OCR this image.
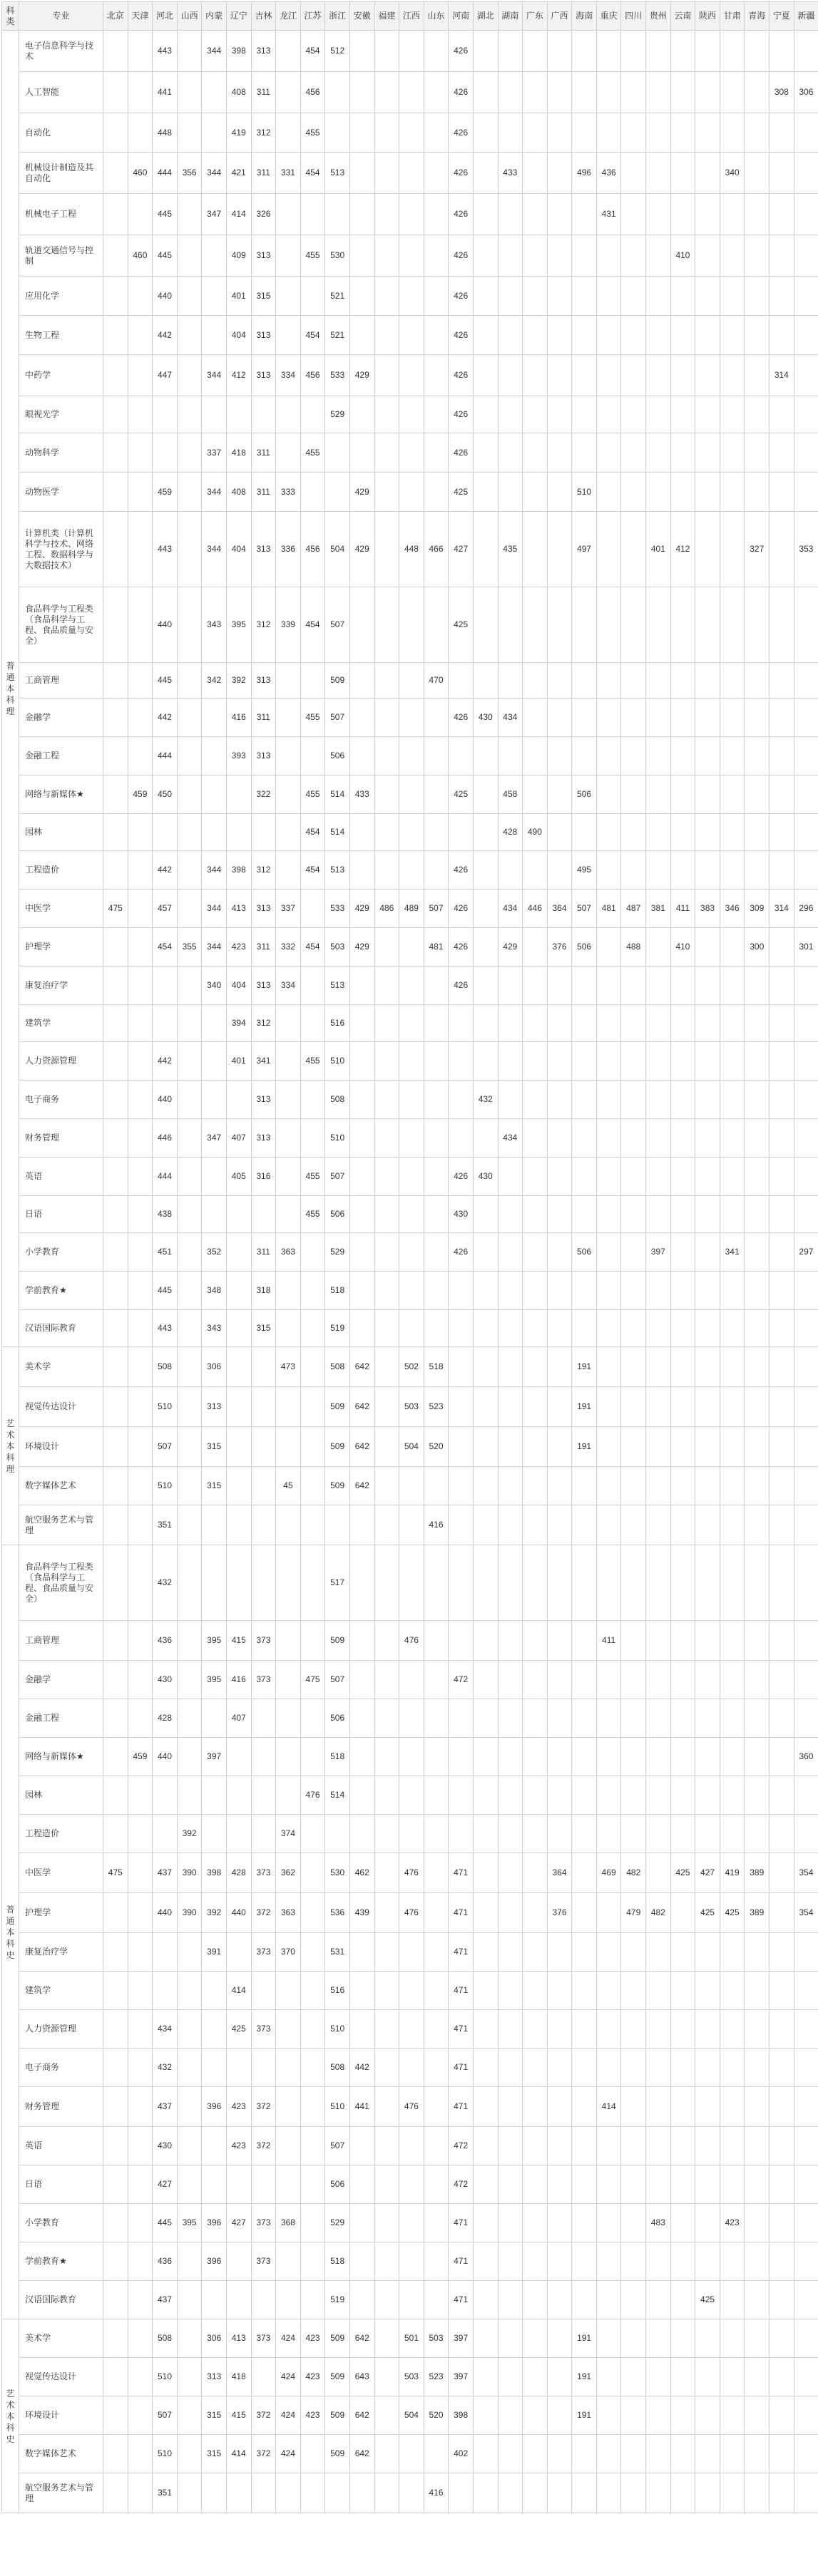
科类	专业	北京	天津	河北	山西	内蒙	辽宁	吉林	龙江	江苏	浙江	安徽	福建	江西	山东	河南	湖北	湖南	广东	广西	海南	重庆	四川	贵州	云南	陕西	甘肃	青海	宁夏	新疆
普通本科理	电子信息科学与技术			443		344	398	313		454	512					426														
	人工智能			441			408	311		456						426													308	306
	自动化			448			419	312		455						426														
	机械设计制造及其自动化		460	444	356	344	421	311	331	454	513					426		433			496	436					340			
	机械电子工程			445		347	414	326								426						431								
	轨道交通信号与控制		460	445			409	313		455	530					426									410					
	应用化学			440			401	315			521					426														
	生物工程			442			404	313		454	521					426														
	中药学			447		344	412	313	334	456	533	429				426													314	
	眼视光学										529					426														
	动物科学					337	418	311		455						426														
	动物医学			459		344	408	311	333			429				425					510									
	计算机类（计算机科学与技术、网络工程、数据科学与大数据技术）			443		344	404	313	336	456	504	429		448	466	427		435			497			401	412			327		353
	食品科学与工程类（食品科学与工程、食品质量与安全）			440		343	395	312	339	454	507					425														
	工商管理			445		342	392	313			509				470															
	金融学			442			416	311		455	507					426	430	434												
	金融工程			444			393	313			506																			
	网络与新媒体★		459	450				322		455	514	433				425		458			506									
	园林									454	514							428	490											
	工程造价			442		344	398	312		454	513					426					495									
	中医学	475		457		344	413	313	337		533	429	486	489	507	426		434	446	364	507	481	487	381	411	383	346	309	314	296
	护理学			454	355	344	423	311	332	454	503	429			481	426		429		376	506		488		410			300		301
	康复治疗学					340	404	313	334		513					426														
	建筑学						394	312			516																			
	人力资源管理			442			401	341		455	510																			
	电子商务			440				313			508						432													
	财务管理			446		347	407	313			510							434												
	英语			444			405	316		455	507					426	430													
	日语			438						455	506					430														
	小学教育			451		352		311	363		529					426					506			397			341			297
	学前教育★			445		348		318			518																			
	汉语国际教育			443		343		315			519																			
艺术本科理	美术学			508		306			473		508	642		502	518						191									
	视觉传达设计			510		313					509	642		503	523						191									
	环境设计			507		315					509	642		504	520						191									
	数字媒体艺术			510		315			45		509	642																		
	航空服务艺术与管理			351											416															
普通本科史	食品科学与工程类（食品科学与工程、食品质量与安全）			432							517																			
	工商管理			436		395	415	373			509			476								411								
	金融学			430		395	416	373		475	507					472														
	金融工程			428			407				506																			
	网络与新媒体★		459	440		397					518																			360
	园林									476	514																			
	工程造价				392				374																					
	中医学	475		437	390	398	428	373	362		530	462		476		471				364		469	482		425	427	419	389		354
	护理学			440	390	392	440	372	363		536	439		476		471				376			479	482		425	425	389		354
	康复治疗学					391		373	370		531					471														
	建筑学						414				516					471														
	人力资源管理			434			425	373			510					471														
	电子商务			432							508	442				471														
	财务管理			437		396	423	372			510	441		476		471						414								
	英语			430			423	372			507					472														
	日语			427							506					472														
	小学教育			445	395	396	427	373	368		529					471								483			423			
	学前教育★			436		396		373			518					471														
	汉语国际教育			437							519					471										425				
艺术本科史	美术学			508		306	413	373	424	423	509	642		501	503	397					191									
	视觉传达设计			510		313	418		424	423	509	643		503	523	397					191									
	环境设计			507		315	415	372	424	423	509	642		504	520	398					191									
	数字媒体艺术			510		315	414	372	424		509	642				402														
	航空服务艺术与管理			351											416															
